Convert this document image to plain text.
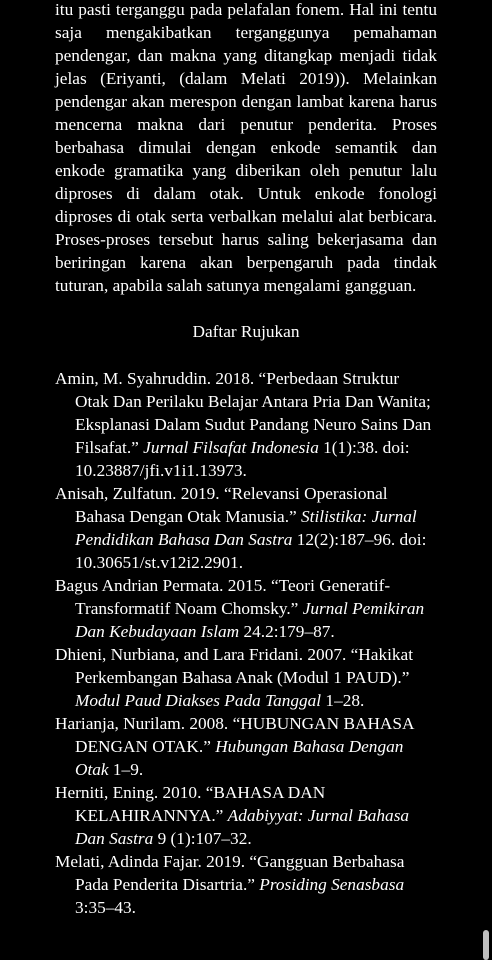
itu pasti terganggu pada pelafalan fonem. Hal ini tentu saja mengakibatkan terganggunya pemahaman pendengar, dan makna yang ditangkap menjadi tidak jelas (Eriyanti, (dalam Melati 2019)). Melainkan pendengar akan merespon dengan lambat karena harus mencerna makna dari penutur penderita. Proses berbahasa dimulai dengan enkode semantik dan enkode gramatika yang diberikan oleh penutur lalu diproses di dalam otak. Untuk enkode fonologi diproses di otak serta verbalkan melalui alat berbicara. Proses-proses tersebut harus saling bekerjasama dan beriringan karena akan berpengaruh pada tindak tuturan, apabila salah satunya mengalami gangguan.

Daftar Rujukan

Amin, M. Syahruddin. 2018. “Perbedaan Struktur Otak Dan Perilaku Belajar Antara Pria Dan Wanita; Eksplanasi Dalam Sudut Pandang Neuro Sains Dan Filsafat.” Jurnal Filsafat Indonesia 1(1):38. doi: 10.23887/jfi.v1i1.13973.

Anisah, Zulfatun. 2019. “Relevansi Operasional Bahasa Dengan Otak Manusia.” Stilistika: Jurnal Pendidikan Bahasa Dan Sastra 12(2):187–96. doi: 10.30651/st.v12i2.2901.

Bagus Andrian Permata. 2015. “Teori Generatif-Transformatif Noam Chomsky.” Jurnal Pemikiran Dan Kebudayaan Islam 24.2:179–87.

Dhieni, Nurbiana, and Lara Fridani. 2007. “Hakikat Perkembangan Bahasa Anak (Modul 1 PAUD).” Modul Paud Diakses Pada Tanggal 1–28.

Harianja, Nurilam. 2008. “HUBUNGAN BAHASA DENGAN OTAK.” Hubungan Bahasa Dengan Otak 1–9.

Herniti, Ening. 2010. “BAHASA DAN KELAHIRANNYA.” Adabiyyat: Jurnal Bahasa Dan Sastra 9 (1):107–32.

Melati, Adinda Fajar. 2019. “Gangguan Berbahasa Pada Penderita Disartria.” Prosiding Senasbasa 3:35–43.
